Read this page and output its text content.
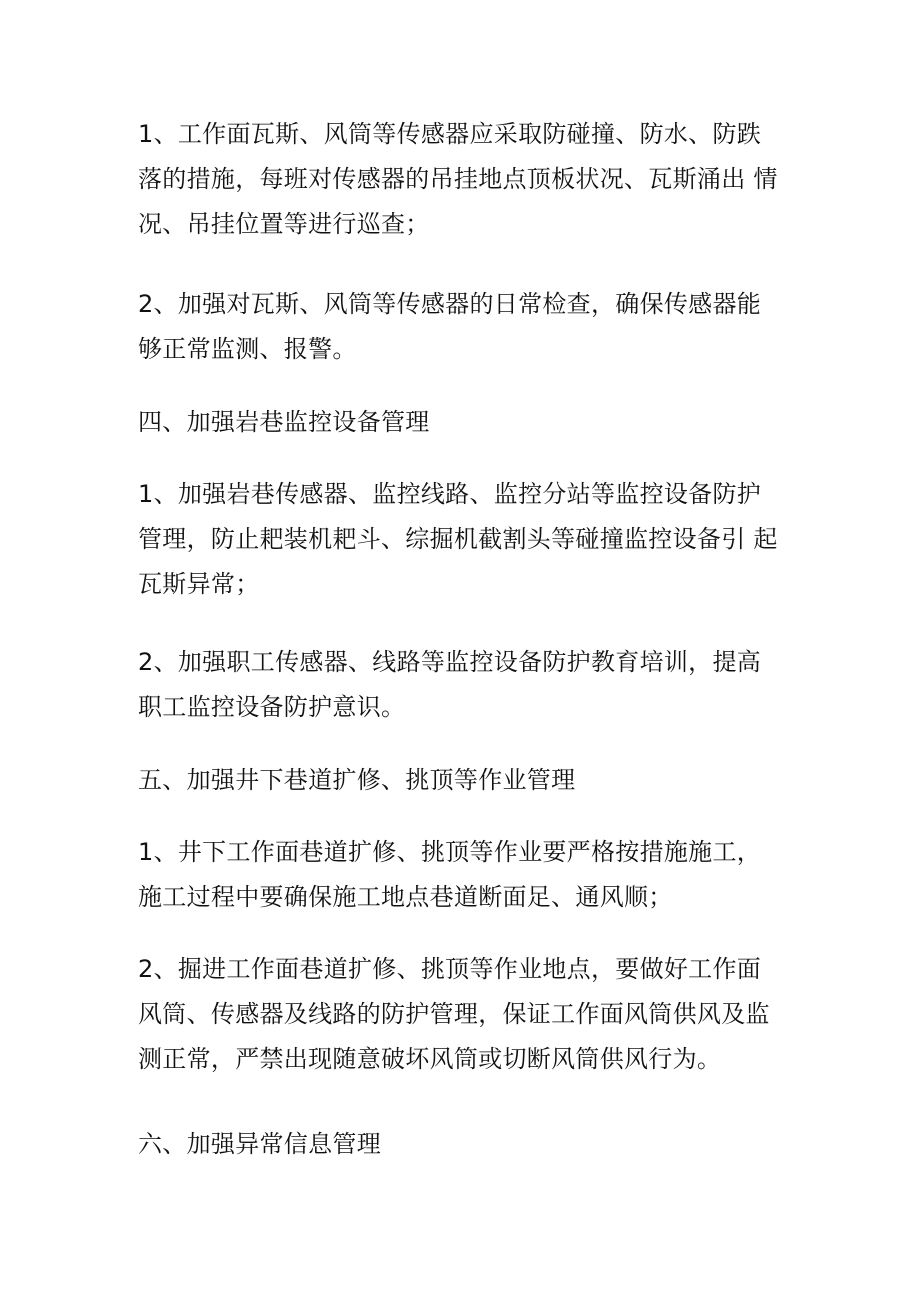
1、工作面瓦斯、风筒等传感器应采取防碰撞、防水、防跌
落的措施，每班对传感器的吊挂地点顶板状况、瓦斯涌出 情
况、吊挂位置等进行巡查；

2、加强对瓦斯、风筒等传感器的日常检查，确保传感器能
够正常监测、报警。

四、加强岩巷监控设备管理

1、加强岩巷传感器、监控线路、监控分站等监控设备防护
管理，防止耙装机耙斗、综掘机截割头等碰撞监控设备引 起
瓦斯异常；

2、加强职工传感器、线路等监控设备防护教育培训，提高
职工监控设备防护意识。

五、加强井下巷道扩修、挑顶等作业管理

1、井下工作面巷道扩修、挑顶等作业要严格按措施施工，
施工过程中要确保施工地点巷道断面足、通风顺；

2、掘进工作面巷道扩修、挑顶等作业地点，要做好工作面
风筒、传感器及线路的防护管理，保证工作面风筒供风及监
测正常，严禁出现随意破坏风筒或切断风筒供风行为。

六、加强异常信息管理
